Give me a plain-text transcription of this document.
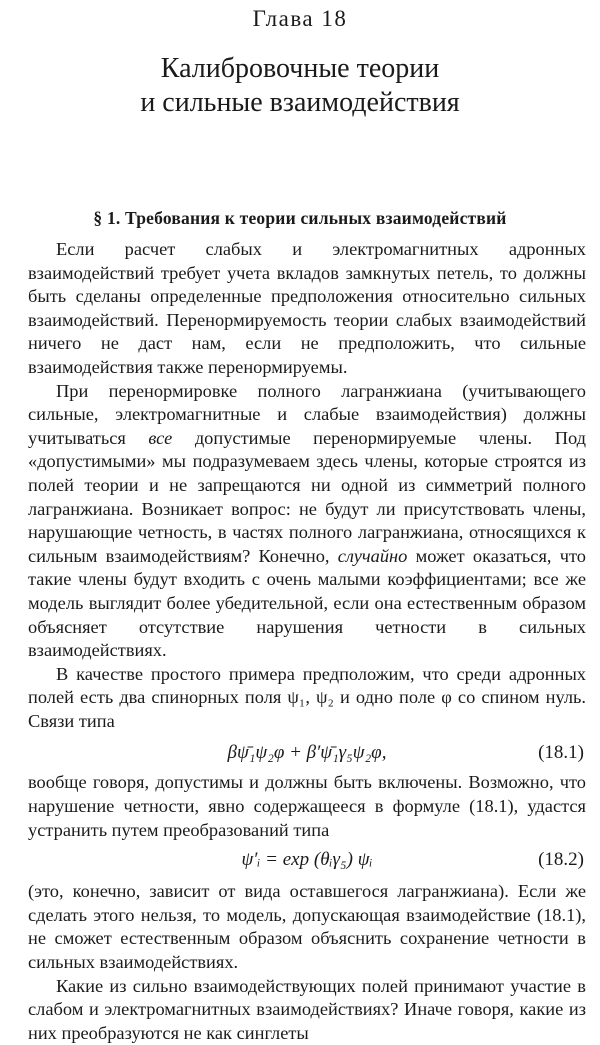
Глава 18
Калибровочные теории
и сильные взаимодействия
§ 1. Требования к теории сильных взаимодействий

Если расчет слабых и электромагнитных адронных взаимодействий требует учета вкладов замкнутых петель, то должны быть сделаны определенные предположения относительно сильных взаимодействий. Перенормируемость теории слабых взаимодействий ничего не даст нам, если не предположить, что сильные взаимодействия также перенормируемы.

При перенормировке полного лагранжиана (учитывающего сильные, электромагнитные и слабые взаимодействия) должны учитываться все допустимые перенормируемые члены. Под «допустимыми» мы подразумеваем здесь члены, которые строятся из полей теории и не запрещаются ни одной из симметрий полного лагранжиана. Возникает вопрос: не будут ли присутствовать члены, нарушающие четность, в частях полного лагранжиана, относящихся к сильным взаимодействиям? Конечно, случайно может оказаться, что такие члены будут входить с очень малыми коэффициентами; все же модель выглядит более убедительной, если она естественным образом объясняет отсутствие нарушения четности в сильных взаимодействиях.

В качестве простого примера предположим, что среди адронных полей есть два спинорных поля ψ₁, ψ₂ и одно поле φ со спином нуль. Связи типа

βψ̄₁ψ₂φ + β′ψ̄₁γ₅ψ₂φ,	(18.1)

вообще говоря, допустимы и должны быть включены. Возможно, что нарушение четности, явно содержащееся в формуле (18.1), удастся устранить путем преобразований типа

ψ′ᵢ = exp (θᵢγ₅) ψᵢ	(18.2)

(это, конечно, зависит от вида оставшегося лагранжиана). Если же сделать этого нельзя, то модель, допускающая взаимодействие (18.1), не сможет естественным образом объяснить сохранение четности в сильных взаимодействиях.

Какие из сильно взаимодействующих полей принимают участие в слабом и электромагнитных взаимодействиях? Иначе говоря, какие из них преобразуются не как синглеты
